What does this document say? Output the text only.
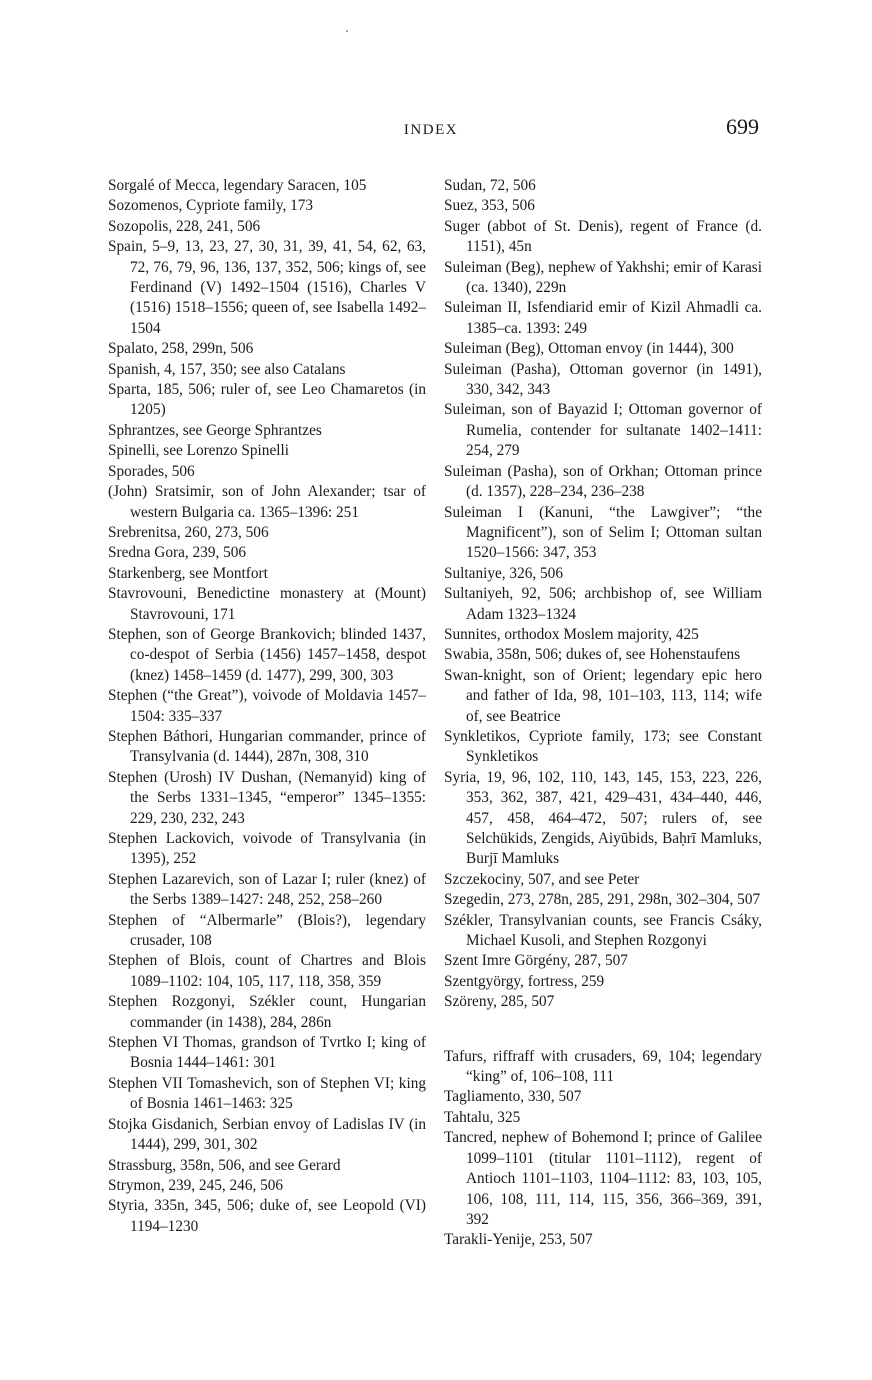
INDEX	699

Sorgalé of Mecca, legendary Saracen, 105

Sozomenos, Cypriote family, 173

Sozopolis, 228, 241, 506

Spain, 5–9, 13, 23, 27, 30, 31, 39, 41, 54, 62, 63, 72, 76, 79, 96, 136, 137, 352, 506; kings of, see Ferdinand (V) 1492–1504 (1516), Charles V (1516) 1518–1556; queen of, see Isabella 1492–1504

Spalato, 258, 299n, 506

Spanish, 4, 157, 350; see also Catalans

Sparta, 185, 506; ruler of, see Leo Chamaretos (in 1205)

Sphrantzes, see George Sphrantzes

Spinelli, see Lorenzo Spinelli

Sporades, 506

(John) Sratsimir, son of John Alexander; tsar of western Bulgaria ca. 1365–1396: 251

Srebrenitsa, 260, 273, 506

Sredna Gora, 239, 506

Starkenberg, see Montfort

Stavrovouni, Benedictine monastery at (Mount) Stavrovouni, 171

Stephen, son of George Brankovich; blinded 1437, co-despot of Serbia (1456) 1457–1458, despot (knez) 1458–1459 (d. 1477), 299, 300, 303

Stephen (“the Great”), voivode of Moldavia 1457–1504: 335–337

Stephen Báthori, Hungarian commander, prince of Transylvania (d. 1444), 287n, 308, 310

Stephen (Urosh) IV Dushan, (Nemanyid) king of the Serbs 1331–1345, “emperor” 1345–1355: 229, 230, 232, 243

Stephen Lackovich, voivode of Transylvania (in 1395), 252

Stephen Lazarevich, son of Lazar I; ruler (knez) of the Serbs 1389–1427: 248, 252, 258–260

Stephen of “Albermarle” (Blois?), legendary crusader, 108

Stephen of Blois, count of Chartres and Blois 1089–1102: 104, 105, 117, 118, 358, 359

Stephen Rozgonyi, Székler count, Hungarian commander (in 1438), 284, 286n

Stephen VI Thomas, grandson of Tvrtko I; king of Bosnia 1444–1461: 301

Stephen VII Tomashevich, son of Stephen VI; king of Bosnia 1461–1463: 325

Stojka Gisdanich, Serbian envoy of Ladislas IV (in 1444), 299, 301, 302

Strassburg, 358n, 506, and see Gerard

Strymon, 239, 245, 246, 506

Styria, 335n, 345, 506; duke of, see Leopold (VI) 1194–1230

Sudan, 72, 506

Suez, 353, 506

Suger (abbot of St. Denis), regent of France (d. 1151), 45n

Suleiman (Beg), nephew of Yakhshi; emir of Karasi (ca. 1340), 229n

Suleiman II, Isfendiarid emir of Kizil Ahmadli ca. 1385–ca. 1393: 249

Suleiman (Beg), Ottoman envoy (in 1444), 300

Suleiman (Pasha), Ottoman governor (in 1491), 330, 342, 343

Suleiman, son of Bayazid I; Ottoman governor of Rumelia, contender for sultanate 1402–1411: 254, 279

Suleiman (Pasha), son of Orkhan; Ottoman prince (d. 1357), 228–234, 236–238

Suleiman I (Kanuni, “the Lawgiver”; “the Magnificent”), son of Selim I; Ottoman sultan 1520–1566: 347, 353

Sultaniye, 326, 506

Sultaniyeh, 92, 506; archbishop of, see William Adam 1323–1324

Sunnites, orthodox Moslem majority, 425

Swabia, 358n, 506; dukes of, see Hohenstaufens

Swan-knight, son of Orient; legendary epic hero and father of Ida, 98, 101–103, 113, 114; wife of, see Beatrice

Synkletikos, Cypriote family, 173; see Constant Synkletikos

Syria, 19, 96, 102, 110, 143, 145, 153, 223, 226, 353, 362, 387, 421, 429–431, 434–440, 446, 457, 458, 464–472, 507; rulers of, see Selchükids, Zengids, Aiyūbids, Baḥrī Mamluks, Burjī Mamluks

Szczekociny, 507, and see Peter

Szegedin, 273, 278n, 285, 291, 298n, 302–304, 507

Székler, Transylvanian counts, see Francis Csáky, Michael Kusoli, and Stephen Rozgonyi

Szent Imre Görgény, 287, 507

Szentgyörgy, fortress, 259

Szöreny, 285, 507

Tafurs, riffraff with crusaders, 69, 104; legendary “king” of, 106–108, 111

Tagliamento, 330, 507

Tahtalu, 325

Tancred, nephew of Bohemond I; prince of Galilee 1099–1101 (titular 1101–1112), regent of Antioch 1101–1103, 1104–1112: 83, 103, 105, 106, 108, 111, 114, 115, 356, 366–369, 391, 392

Tarakli-Yenije, 253, 507
